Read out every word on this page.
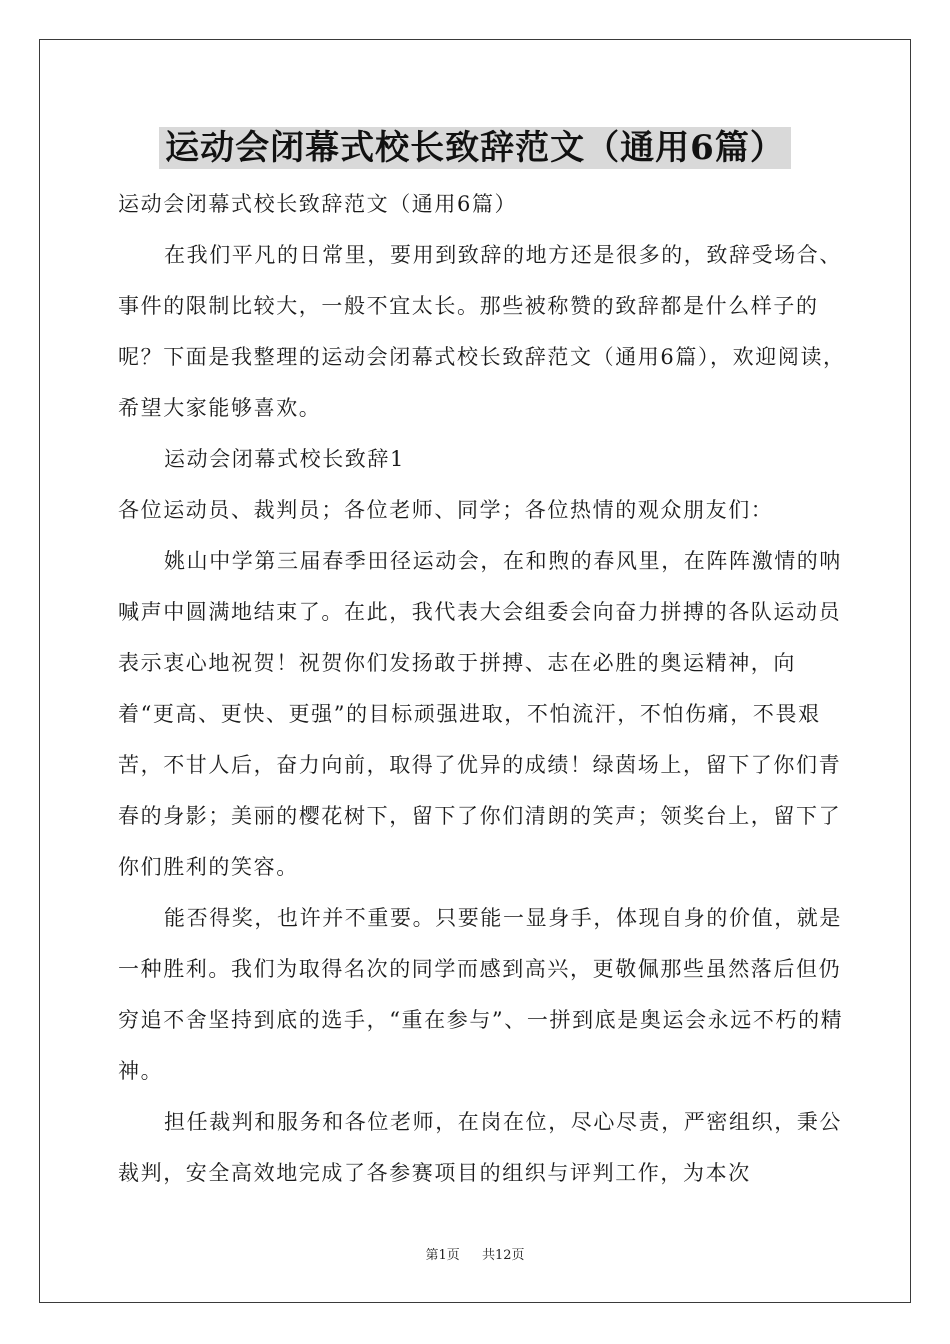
运动会闭幕式校长致辞范文（通用6篇）

运动会闭幕式校长致辞范文（通用6篇）

在我们平凡的日常里，要用到致辞的地方还是很多的，致辞受场合、事件的限制比较大，一般不宜太长。那些被称赞的致辞都是什么样子的呢？下面是我整理的运动会闭幕式校长致辞范文（通用6篇），欢迎阅读，希望大家能够喜欢。

运动会闭幕式校长致辞1

各位运动员、裁判员；各位老师、同学；各位热情的观众朋友们：

姚山中学第三届春季田径运动会，在和煦的春风里，在阵阵激情的呐喊声中圆满地结束了。在此，我代表大会组委会向奋力拼搏的各队运动员表示衷心地祝贺！祝贺你们发扬敢于拼搏、志在必胜的奥运精神，向着“更高、更快、更强”的目标顽强进取，不怕流汗，不怕伤痛，不畏艰苦，不甘人后，奋力向前，取得了优异的成绩！绿茵场上，留下了你们青春的身影；美丽的樱花树下，留下了你们清朗的笑声；领奖台上，留下了你们胜利的笑容。

能否得奖，也许并不重要。只要能一显身手，体现自身的价值，就是一种胜利。我们为取得名次的同学而感到高兴，更敬佩那些虽然落后但仍穷追不舍坚持到底的选手，“重在参与”、一拼到底是奥运会永远不朽的精神。

担任裁判和服务和各位老师，在岗在位，尽心尽责，严密组织，秉公裁判，安全高效地完成了各参赛项目的组织与评判工作，为本次

第1页 共12页
